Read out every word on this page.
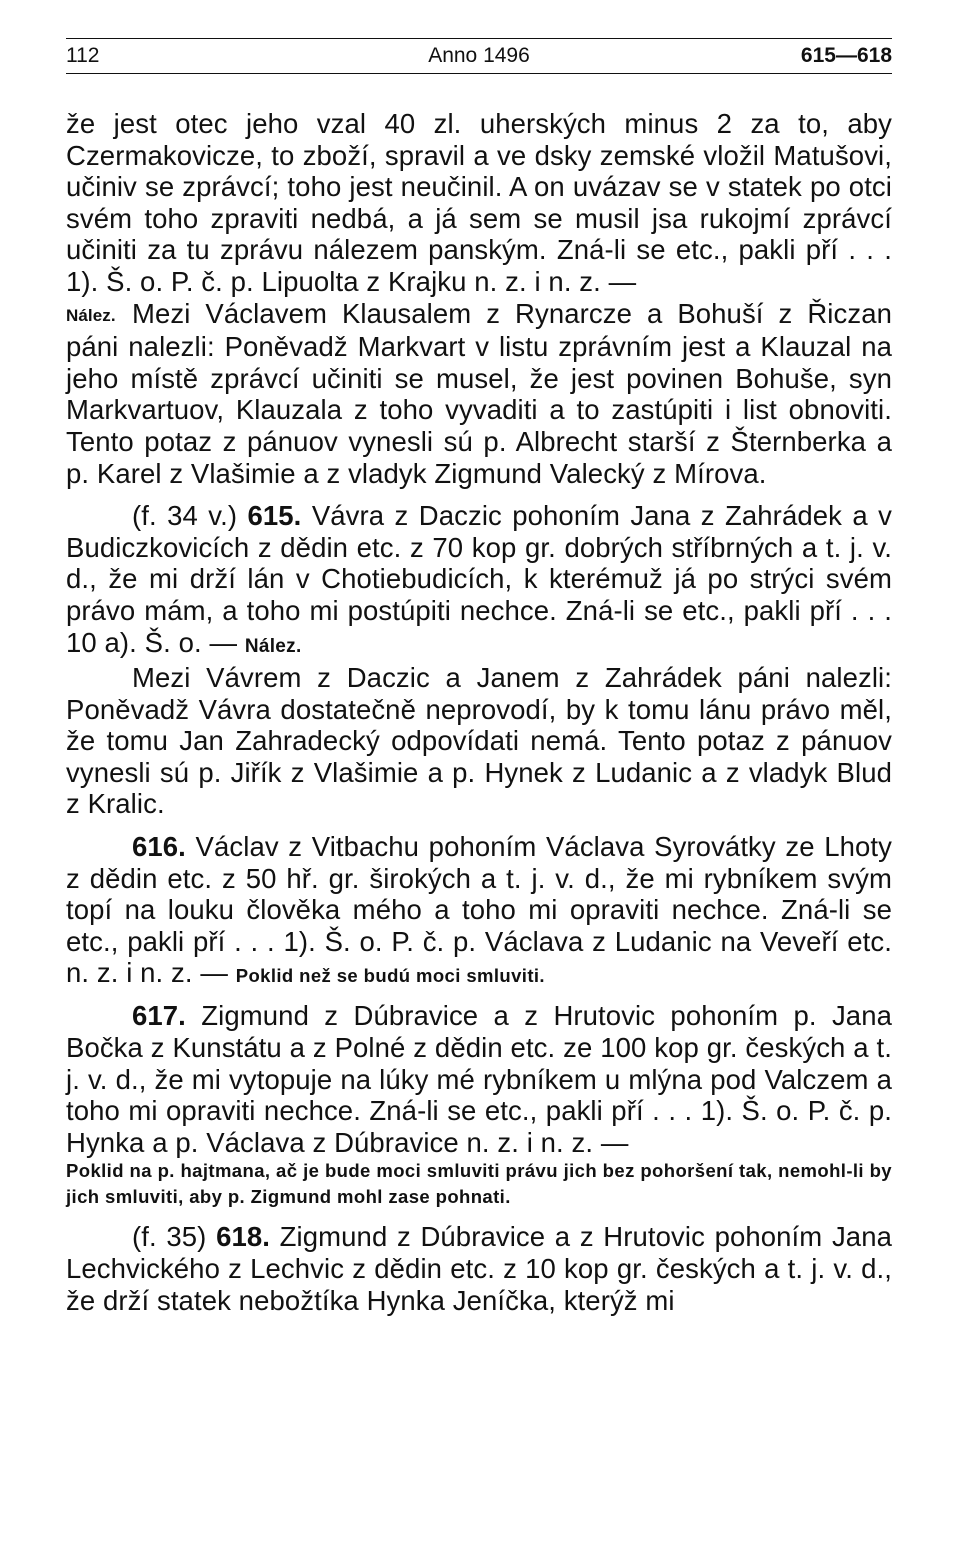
112	Anno 1496	615—618

že jest otec jeho vzal 40 zl. uherských minus 2 za to, aby Czermakovicze, to zboží, spravil a ve dsky zemské vložil Matušovi, učiniv se zprávcí; toho jest neučinil. A on uvázav se v statek po otci svém toho zpraviti nedbá, a já sem se musil jsa rukojmí zprávcí učiniti za tu zprávu nálezem panským. Zná-li se etc., pakli pří . . . 1). Š. o. P. č. p. Lipuolta z Krajku n. z. i n. z. —

Nález. Mezi Václavem Klausalem z Rynarcze a Bohuší z Řiczan páni nalezli: Poněvadž Markvart v listu zprávním jest a Klauzal na jeho místě zprávcí učiniti se musel, že jest povinen Bohuše, syn Markvartuov, Klauzala z toho vyvaditi a to zastúpiti i list obnoviti. Tento potaz z pánuov vynesli sú p. Albrecht starší z Šternberka a p. Karel z Vlašimie a z vladyk Zigmund Valecký z Mírova.

(f. 34 v.) 615. Vávra z Daczic pohoním Jana z Zahrádek a v Budiczkovicích z dědin etc. z 70 kop gr. dobrých stříbrných a t. j. v. d., že mi drží lán v Chotiebudicích, k kterémuž já po strýci svém právo mám, a toho mi postúpiti nechce. Zná-li se etc., pakli pří . . . 10 a). Š. o. — Nález.

Mezi Vávrem z Daczic a Janem z Zahrádek páni nalezli: Poněvadž Vávra dostatečně neprovodí, by k tomu lánu právo měl, že tomu Jan Zahradecký odpovídati nemá. Tento potaz z pánuov vynesli sú p. Jiřík z Vlašimie a p. Hynek z Ludanic a z vladyk Blud z Kralic.

616. Václav z Vitbachu pohoním Václava Syrovátky ze Lhoty z dědin etc. z 50 hř. gr. širokých a t. j. v. d., že mi rybníkem svým topí na louku člověka mého a toho mi opraviti nechce. Zná-li se etc., pakli pří . . . 1). Š. o. P. č. p. Václava z Ludanic na Veveří etc. n. z. i n. z. — Poklid než se budú moci smluviti.

617. Zigmund z Dúbravice a z Hrutovic pohoním p. Jana Bočka z Kunstátu a z Polné z dědin etc. ze 100 kop gr. českých a t. j. v. d., že mi vytopuje na lúky mé rybníkem u mlýna pod Valczem a toho mi opraviti nechce. Zná-li se etc., pakli pří . . . 1). Š. o. P. č. p. Hynka a p. Václava z Dúbravice n. z. i n. z. —

Poklid na p. hajtmana, ač je bude moci smluviti právu jich bez pohoršení tak, nemohl-li by jich smluviti, aby p. Zigmund mohl zase pohnati.

(f. 35) 618. Zigmund z Dúbravice a z Hrutovic pohoním Jana Lechvického z Lechvic z dědin etc. z 10 kop gr. českých a t. j. v. d., že drží statek nebožtíka Hynka Jeníčka, kterýž mi
